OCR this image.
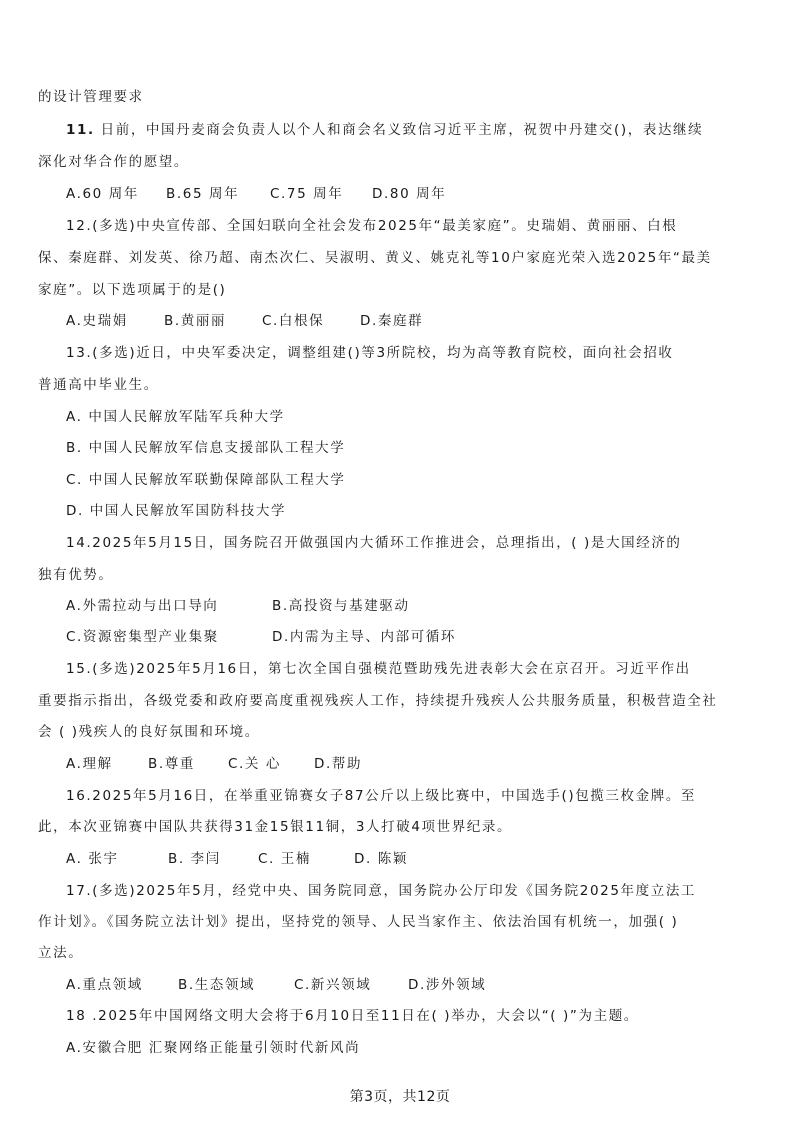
的设计管理要求
11. 日前，中国丹麦商会负责人以个人和商会名义致信习近平主席，祝贺中丹建交()，表达继续
深化对华合作的愿望。
A.60 周年 B.65 周年 C.75 周年 D.80 周年
12.(多选)中央宣传部、全国妇联向全社会发布2025年“最美家庭”。史瑞娟、黄丽丽、白根
保、秦庭群、刘发英、徐乃超、南杰次仁、吴淑明、黄义、姚克礼等10户家庭光荣入选2025年“最美
家庭”。以下选项属于的是()
A.史瑞娟	B.黄丽丽	C.白根保	D.秦庭群
13.(多选)近日，中央军委决定，调整组建()等3所院校，均为高等教育院校，面向社会招收
普通高中毕业生。
A. 中国人民解放军陆军兵种大学
B. 中国人民解放军信息支援部队工程大学
C. 中国人民解放军联勤保障部队工程大学
D. 中国人民解放军国防科技大学
14.2025年5月15日，国务院召开做强国内大循环工作推进会，总理指出，( )是大国经济的
独有优势。
A.外需拉动与出口导向	B.高投资与基建驱动
C.资源密集型产业集聚	D.内需为主导、内部可循环
15.(多选)2025年5月16日，第七次全国自强模范暨助残先进表彰大会在京召开。习近平作出
重要指示指出，各级党委和政府要高度重视残疾人工作，持续提升残疾人公共服务质量，积极营造全社
会 ( )残疾人的良好氛围和环境。
A.理解	B.尊重 C.关 心 D.帮助
16.2025年5月16日，在举重亚锦赛女子87公斤以上级比赛中，中国选手()包揽三枚金牌。至
此，本次亚锦赛中国队共获得31金15银11铜，3人打破4项世界纪录。
A. 张宇	B. 李闫	C. 王楠	D. 陈颖
17.(多选)2025年5月，经党中央、国务院同意，国务院办公厅印发《国务院2025年度立法工
作计划》。《国务院立法计划》提出，坚持党的领导、人民当家作主、依法治国有机统一，加强( )
立法。
A.重点领域	B.生态领域	C.新兴领域	D.涉外领域
18 .2025年中国网络文明大会将于6月10日至11日在( )举办，大会以“( )”为主题。
A.安徽合肥 汇聚网络正能量引领时代新风尚
第3页，共12页
